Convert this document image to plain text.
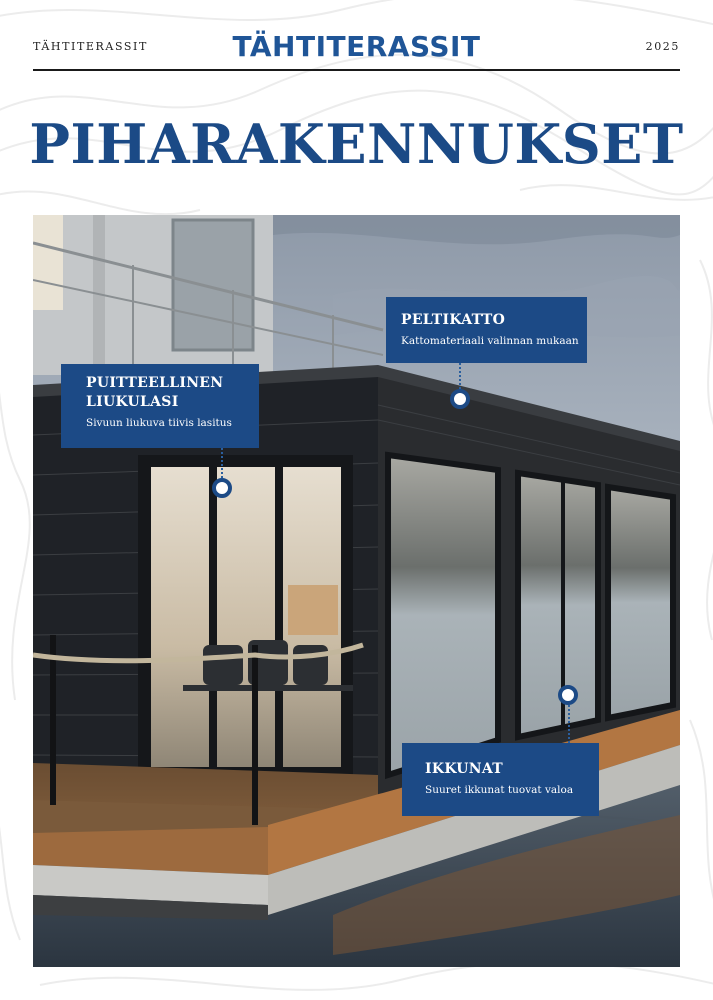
TÄHTITERASSIT	TÄHTITERASSIT	2025
PIHARAKENNUKSET
PELTIKATTO
Kattomateriaali valinnan mukaan
PUITTEELLINEN
LIUKULASI
Sivuun liukuva tiivis lasitus
IKKUNAT
Suuret ikkunat tuovat valoa
